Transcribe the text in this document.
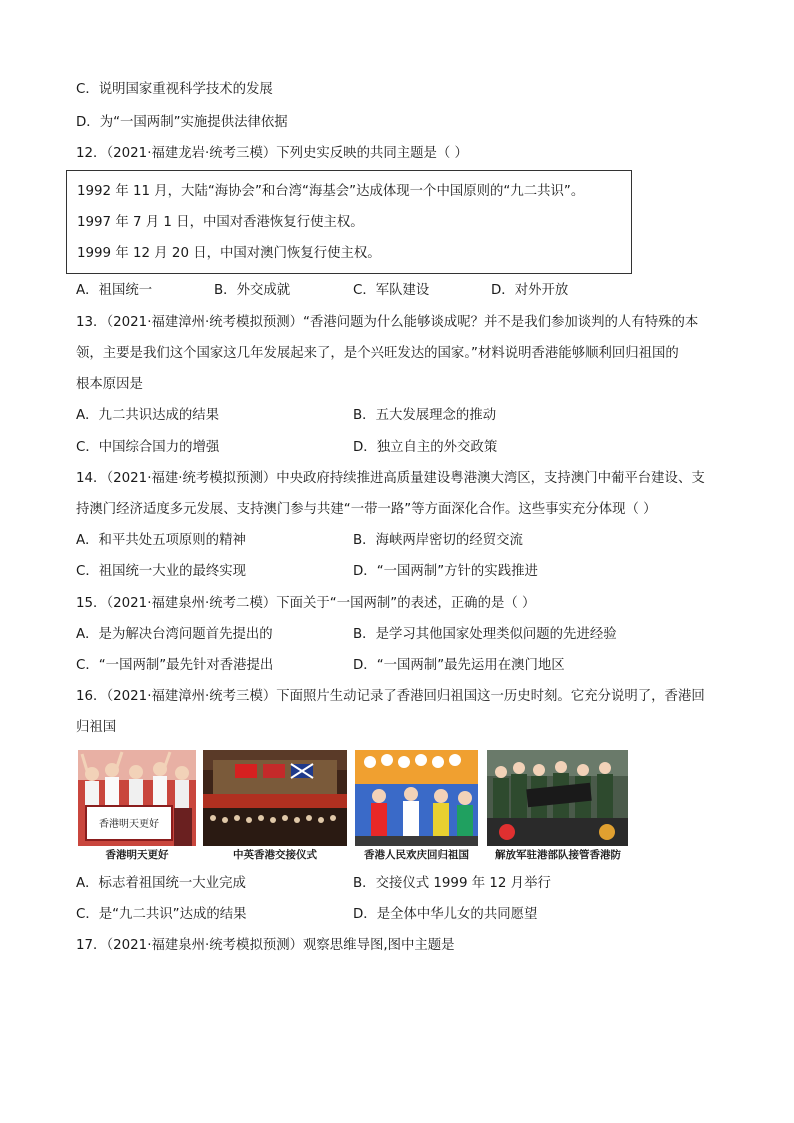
C．说明国家重视科学技术的发展
D．为“一国两制”实施提供法律依据
12．（2021·福建龙岩·统考三模）下列史实反映的共同主题是（ ）
1992 年 11 月，大陆“海协会”和台湾“海基会”达成体现一个中国原则的“九二共识”。
1997 年 7 月 1 日，中国对香港恢复行使主权。
1999 年 12 月 20 日，中国对澳门恢复行使主权。
A．祖国统一	B．外交成就	C．军队建设	D．对外开放
13．（2021·福建漳州·统考模拟预测）“香港问题为什么能够谈成呢？并不是我们参加谈判的人有特殊的本
领，主要是我们这个国家这几年发展起来了，是个兴旺发达的国家。”材料说明香港能够顺利回归祖国的
根本原因是
A．九二共识达成的结果	B．五大发展理念的推动
C．中国综合国力的增强	D．独立自主的外交政策
14．（2021·福建·统考模拟预测）中央政府持续推进高质量建设粤港澳大湾区，支持澳门中葡平台建设、支
持澳门经济适度多元发展、支持澳门参与共建“一带一路”等方面深化合作。这些事实充分体现（ ）
A．和平共处五项原则的精神	B．海峡两岸密切的经贸交流
C．祖国统一大业的最终实现	D．“一国两制”方针的实践推进
15．（2021·福建泉州·统考二模）下面关于“一国两制”的表述，正确的是（ ）
A．是为解决台湾问题首先提出的	B．是学习其他国家处理类似问题的先进经验
C．“一国两制”最先针对香港提出	D．“一国两制”最先运用在澳门地区
16．（2021·福建漳州·统考三模）下面照片生动记录了香港回归祖国这一历史时刻。它充分说明了，香港回
归祖国
香港明天更好
香港明天更好	中英香港交接仪式	香港人民欢庆回归祖国	解放军驻港部队接管香港防
A．标志着祖国统一大业完成	B．交接仪式 1999 年 12 月举行
C．是“九二共识”达成的结果	D．是全体中华儿女的共同愿望
17．（2021·福建泉州·统考模拟预测）观察思维导图,图中主题是
